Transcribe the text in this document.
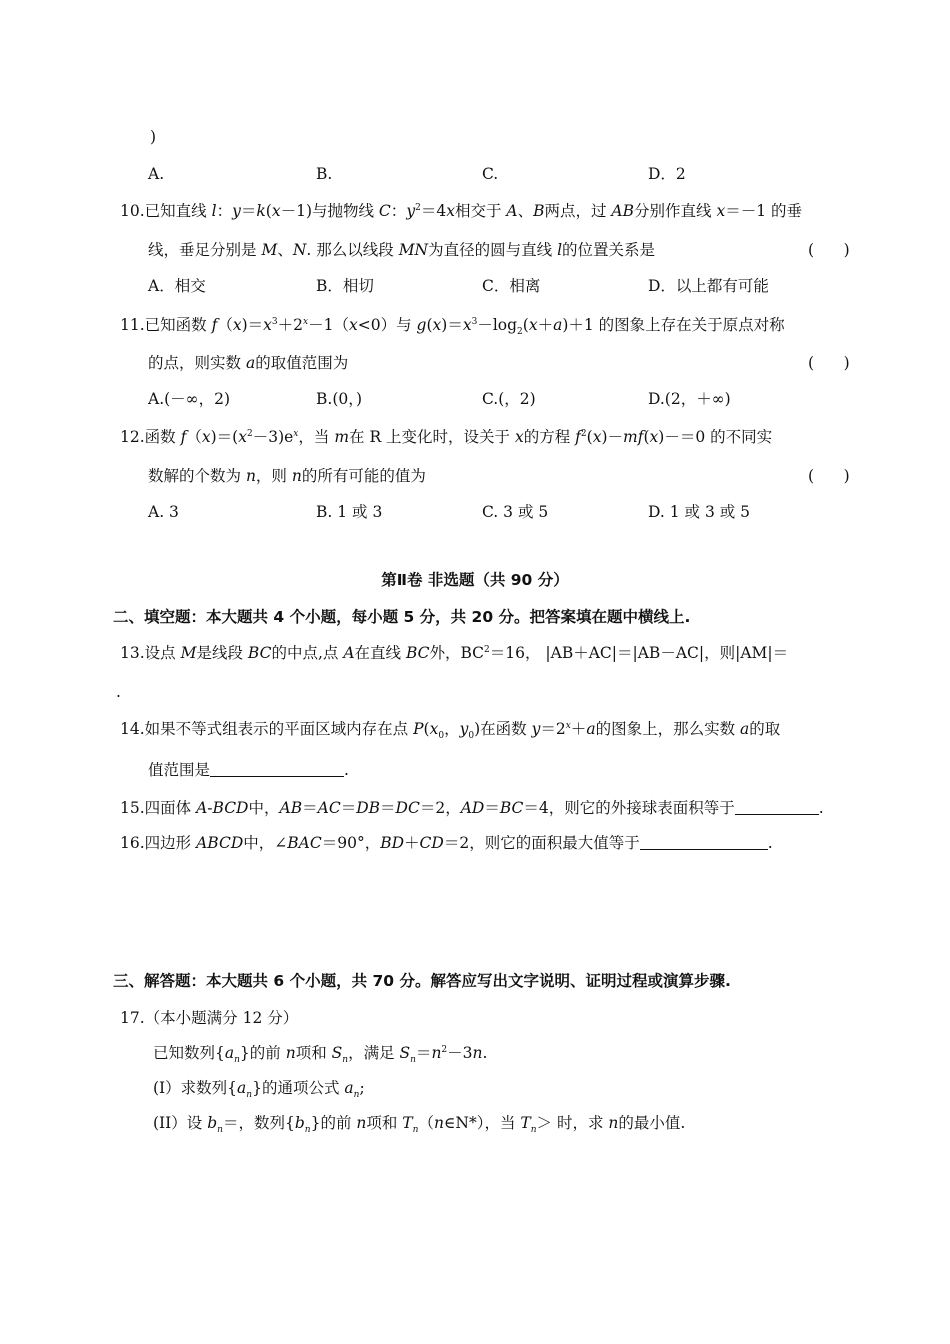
)
A.	B.	C.	D．2
10.已知直线 l：y＝k(x－1)与抛物线 C：$y^2=4x$相交于 A、B两点，过 AB分别作直线 x＝－1 的垂
线，垂足分别是 M、N. 那么以线段 MN为直径的圆与直线 l的位置关系是	(      )
A．相交	B．相切	C．相离	D．以上都有可能
11.已知函数 $f(x)=x^3+2^x-1(x<0)$与 $g(x)=x^3-\log_2(x+a)+1$ 的图象上存在关于原点对称
的点，则实数 a的取值范围为	(      )
A.(－∞，2)	B.(0，)	C.(，2)	D.(2，＋∞)
12.函数 $f(x)=(x^2-3)e^x$，当 m在 R 上变化时，设关于 x的方程 $f^2(x)-mf(x)-=0$ 的不同实
数解的个数为 n，则 n的所有可能的值为	(      )
A. 3	B. 1 或 3	C. 3 或 5	D. 1 或 3 或 5
第Ⅱ卷 非选题（共 90 分）
二、填空题：本大题共 4 个小题，每小题 5 分，共 20 分。把答案填在题中横线上.
13.设点 M是线段 BC的中点,点 A在直线 BC外，$BC^2=16$， |AB＋AC|＝|AB－AC|，则|AM|＝
.
14.如果不等式组表示的平面区域内存在点 $P(x_0$，$y_0$)在函数 $y=2^x+a$的图象上，那么实数 a的取
值范围是	.
15.四面体 A-BCD中，AB＝AC＝DB＝DC＝2，AD＝BC＝4，则它的外接球表面积等于	.
16.四边形 ABCD中，∠BAC＝90°，BD＋CD＝2，则它的面积最大值等于	.
三、解答题：本大题共 6 个小题，共 70 分。解答应写出文字说明、证明过程或演算步骤.
17.（本小题满分 12 分）
已知数列$\{a_n\}$的前 n项和 $S_n$，满足 $S_n=n^2-3n$.
(I）求数列$\{a_n\}$的通项公式 $a_n$;
(II）设 $b_n=$，数列$\{b_n\}$的前 n项和 $T_n(n\in N*)$，当 $T_n>$ 时，求 n的最小值.
